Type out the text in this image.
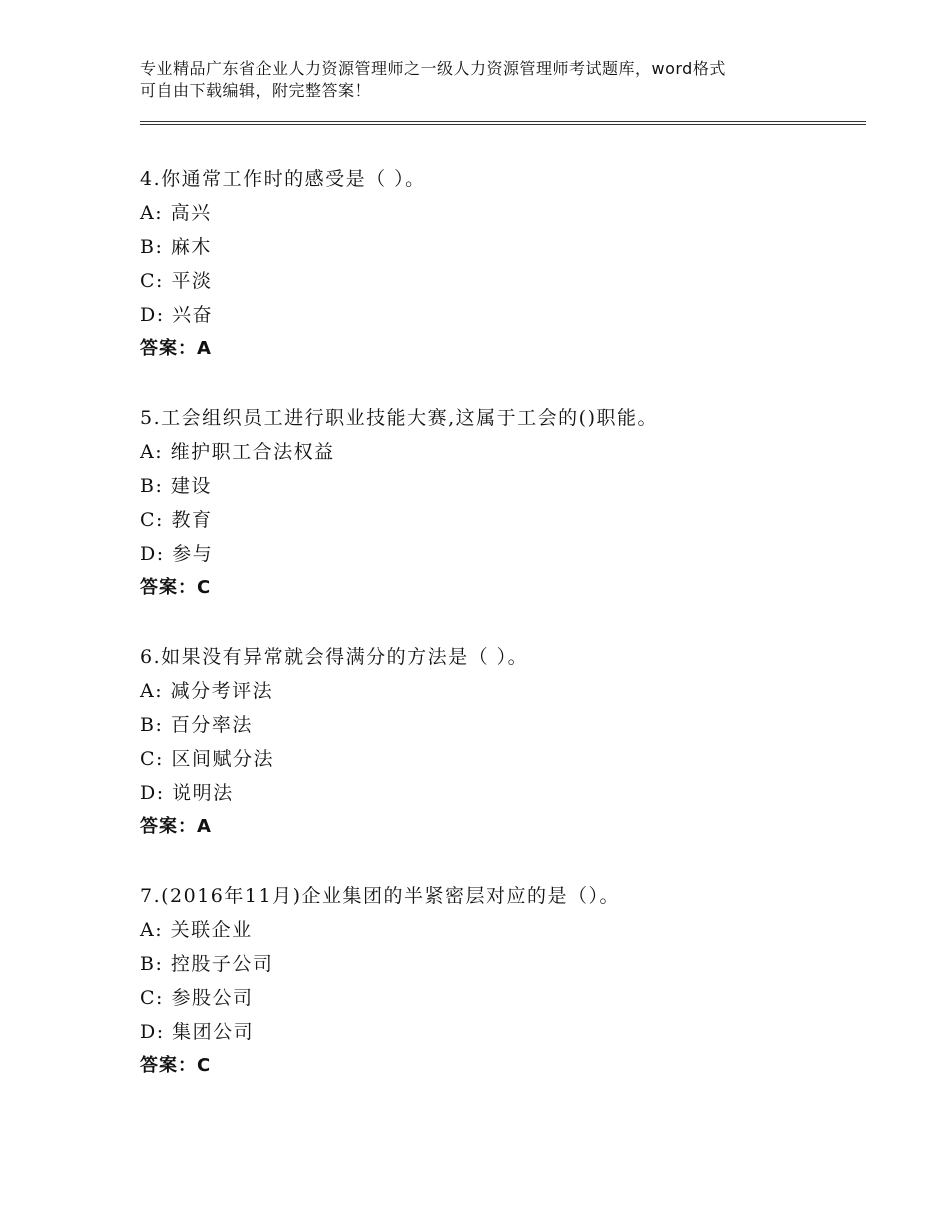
专业精品广东省企业人力资源管理师之一级人力资源管理师考试题库，word格式
可自由下载编辑，附完整答案！
4.你通常工作时的感受是（ ）。
A: 高兴
B: 麻木
C: 平淡
D: 兴奋
答案：A
5.工会组织员工进行职业技能大赛,这属于工会的()职能。
A: 维护职工合法权益
B: 建设
C: 教育
D: 参与
答案：C
6.如果没有异常就会得满分的方法是（ ）。
A: 减分考评法
B: 百分率法
C: 区间赋分法
D: 说明法
答案：A
7.(2016年11月)企业集团的半紧密层对应的是（）。
A: 关联企业
B: 控股子公司
C: 参股公司
D: 集团公司
答案：C
